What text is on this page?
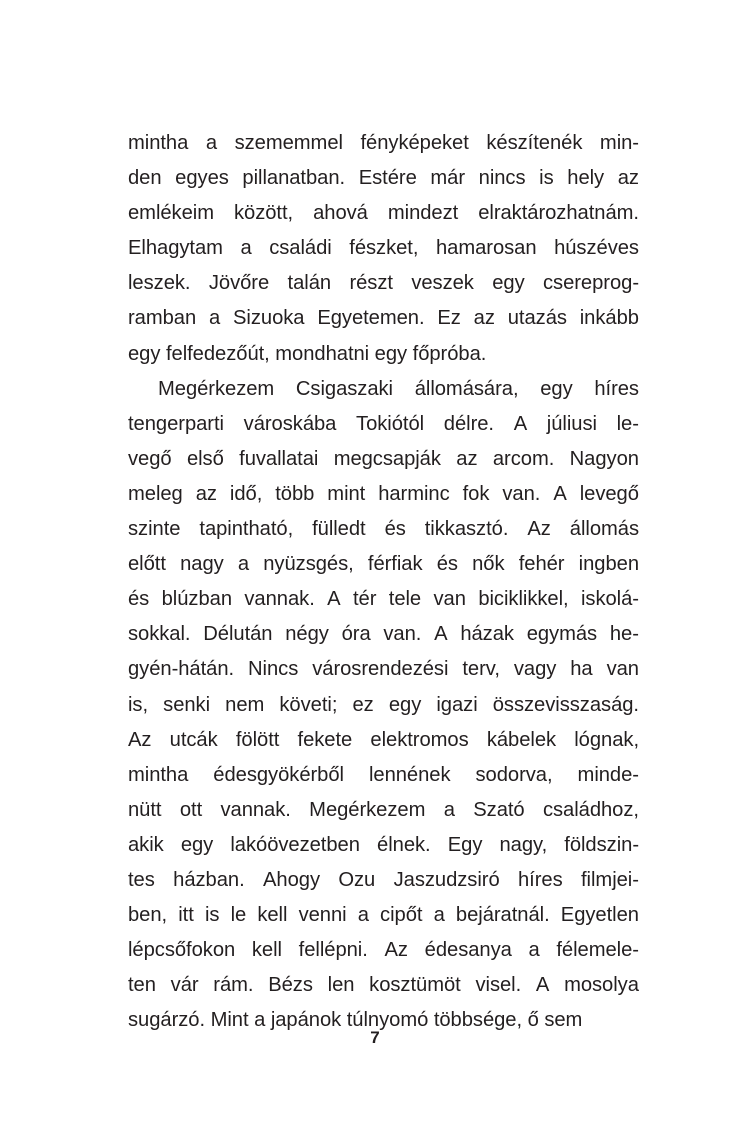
mintha a szememmel fényképeket készítenék min-
den egyes pillanatban. Estére már nincs is hely az
emlékeim között, ahová mindezt elraktározhatnám.
Elhagytam a családi fészket, hamarosan húszéves
leszek. Jövőre talán részt veszek egy csereprog-
ramban a Sizuoka Egyetemen. Ez az utazás inkább
egy felfedezőút, mondhatni egy főpróba.
Megérkezem Csigaszaki állomására, egy híres
tengerparti városkába Tokiótól délre. A júliusi le-
vegő első fuvallatai megcsapják az arcom. Nagyon
meleg az idő, több mint harminc fok van. A levegő
szinte tapintható, fülledt és tikkasztó. Az állomás
előtt nagy a nyüzsgés, férfiak és nők fehér ingben
és blúzban vannak. A tér tele van biciklikkel, iskolá-
sokkal. Délután négy óra van. A házak egymás he-
gyén-hátán. Nincs városrendezési terv, vagy ha van
is, senki nem követi; ez egy igazi összevisszaság.
Az utcák fölött fekete elektromos kábelek lógnak,
mintha édesgyökérből lennének sodorva, minde-
nütt ott vannak. Megérkezem a Szató családhoz,
akik egy lakóövezetben élnek. Egy nagy, földszin-
tes házban. Ahogy Ozu Jaszudzsiró híres filmjei-
ben, itt is le kell venni a cipőt a bejáratnál. Egyetlen
lépcsőfokon kell fellépni. Az édesanya a félemele-
ten vár rám. Bézs len kosztümöt visel. A mosolya
sugárzó. Mint a japánok túlnyomó többsége, ő sem
7
